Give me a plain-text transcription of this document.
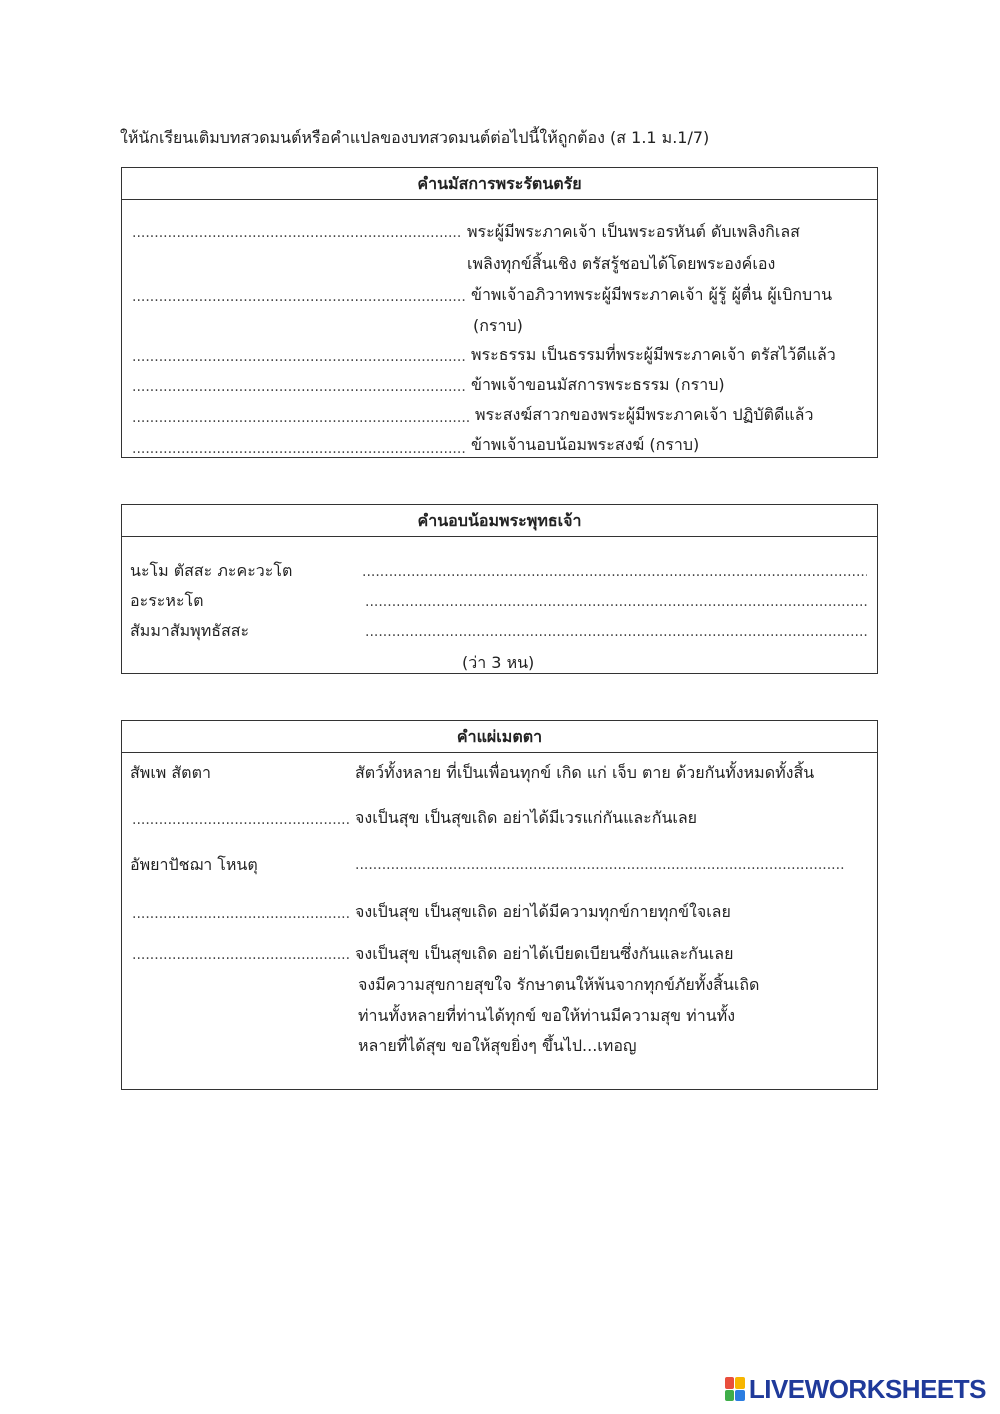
ให้นักเรียนเติมบทสวดมนต์หรือคำแปลของบทสวดมนต์ต่อไปนี้ให้ถูกต้อง (ส 1.1 ม.1/7)
คำนมัสการพระรัตนตรัย
.....
พระผู้มีพระภาคเจ้า เป็นพระอรหันต์ ดับเพลิงกิเลส
เพลิงทุกข์สิ้นเชิง ตรัสรู้ชอบได้โดยพระองค์เอง
.....
ข้าพเจ้าอภิวาทพระผู้มีพระภาคเจ้า ผู้รู้ ผู้ตื่น ผู้เบิกบาน
(กราบ)
.....
พระธรรม เป็นธรรมที่พระผู้มีพระภาคเจ้า ตรัสไว้ดีแล้ว
.....
ข้าพเจ้าขอนมัสการพระธรรม (กราบ)
.....
พระสงฆ์สาวกของพระผู้มีพระภาคเจ้า ปฏิบัติดีแล้ว
.....
ข้าพเจ้านอบน้อมพระสงฆ์ (กราบ)
คำนอบน้อมพระพุทธเจ้า
นะโม ตัสสะ ภะคะวะโต
.....
อะระหะโต
.....
สัมมาสัมพุทธัสสะ
.....
(ว่า 3 หน)
คำแผ่เมตตา
สัพเพ สัตตา	สัตว์ทั้งหลาย ที่เป็นเพื่อนทุกข์ เกิด แก่ เจ็บ ตาย ด้วยกันทั้งหมดทั้งสิ้น
.....
จงเป็นสุข เป็นสุขเถิด อย่าได้มีเวรแก่กันและกันเลย
อัพยาปัชฌา โหนตุ
.....
.....
จงเป็นสุข เป็นสุขเถิด อย่าได้มีความทุกข์กายทุกข์ใจเลย
.....
จงเป็นสุข เป็นสุขเถิด อย่าได้เบียดเบียนซึ่งกันและกันเลย
จงมีความสุขกายสุขใจ รักษาตนให้พ้นจากทุกข์ภัยทั้งสิ้นเถิด
ท่านทั้งหลายที่ท่านได้ทุกข์ ขอให้ท่านมีความสุข ท่านทั้ง
หลายที่ได้สุข ขอให้สุขยิ่งๆ ขึ้นไป...เทอญ
LIVEWORKSHEETS
